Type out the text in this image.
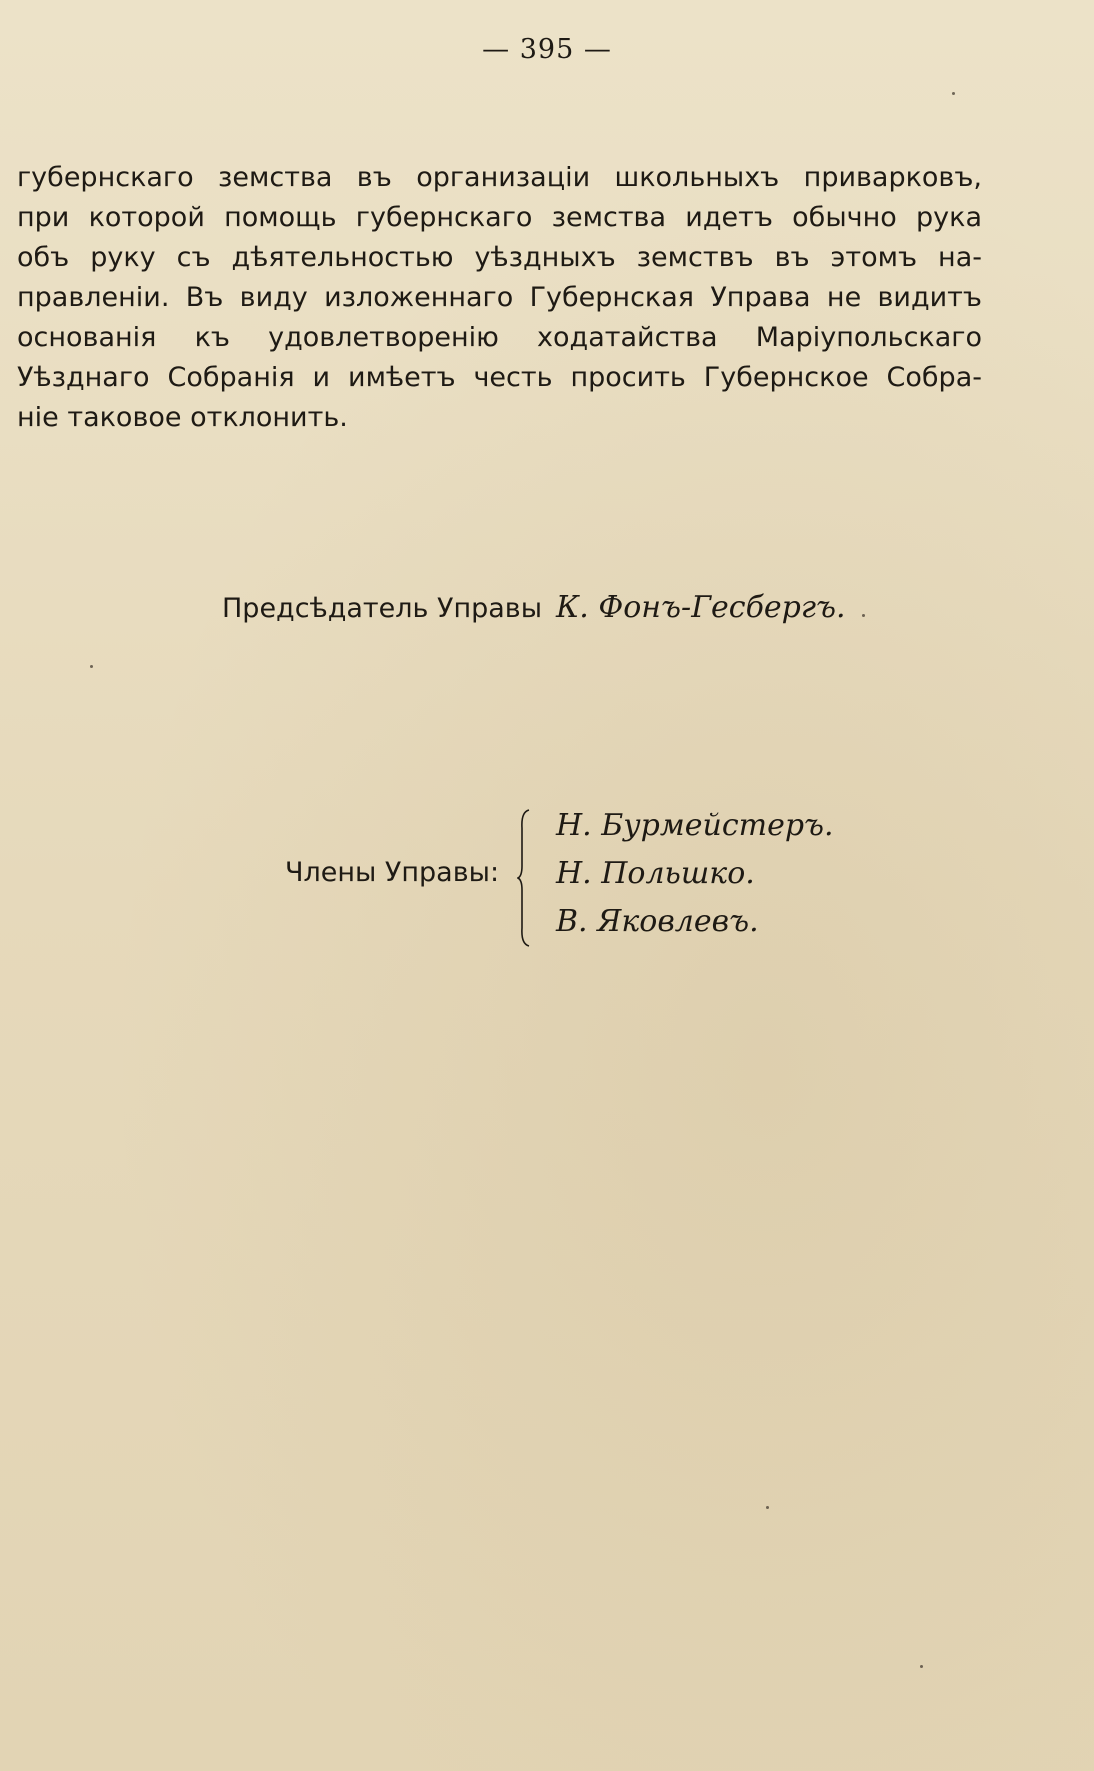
— 395 —
губернскаго земства въ организаціи школьныхъ приварковъ,
при которой помощь губернскаго земства идетъ обычно рука
объ руку съ дѣятельностью уѣздныхъ земствъ въ этомъ на-
правленіи. Въ виду изложеннаго Губернская Управа не видитъ
основанія къ удовлетворенію ходатайства Маріупольскаго
Уѣзднаго Собранія и имѣетъ честь просить Губернское Собра-
ніе таковое отклонить.
Предсѣдатель Управы К. Фонъ-Гесбергъ.
Члены Управы:
Н. Бурмейстеръ.
Н. Польшко.
В. Яковлевъ.
